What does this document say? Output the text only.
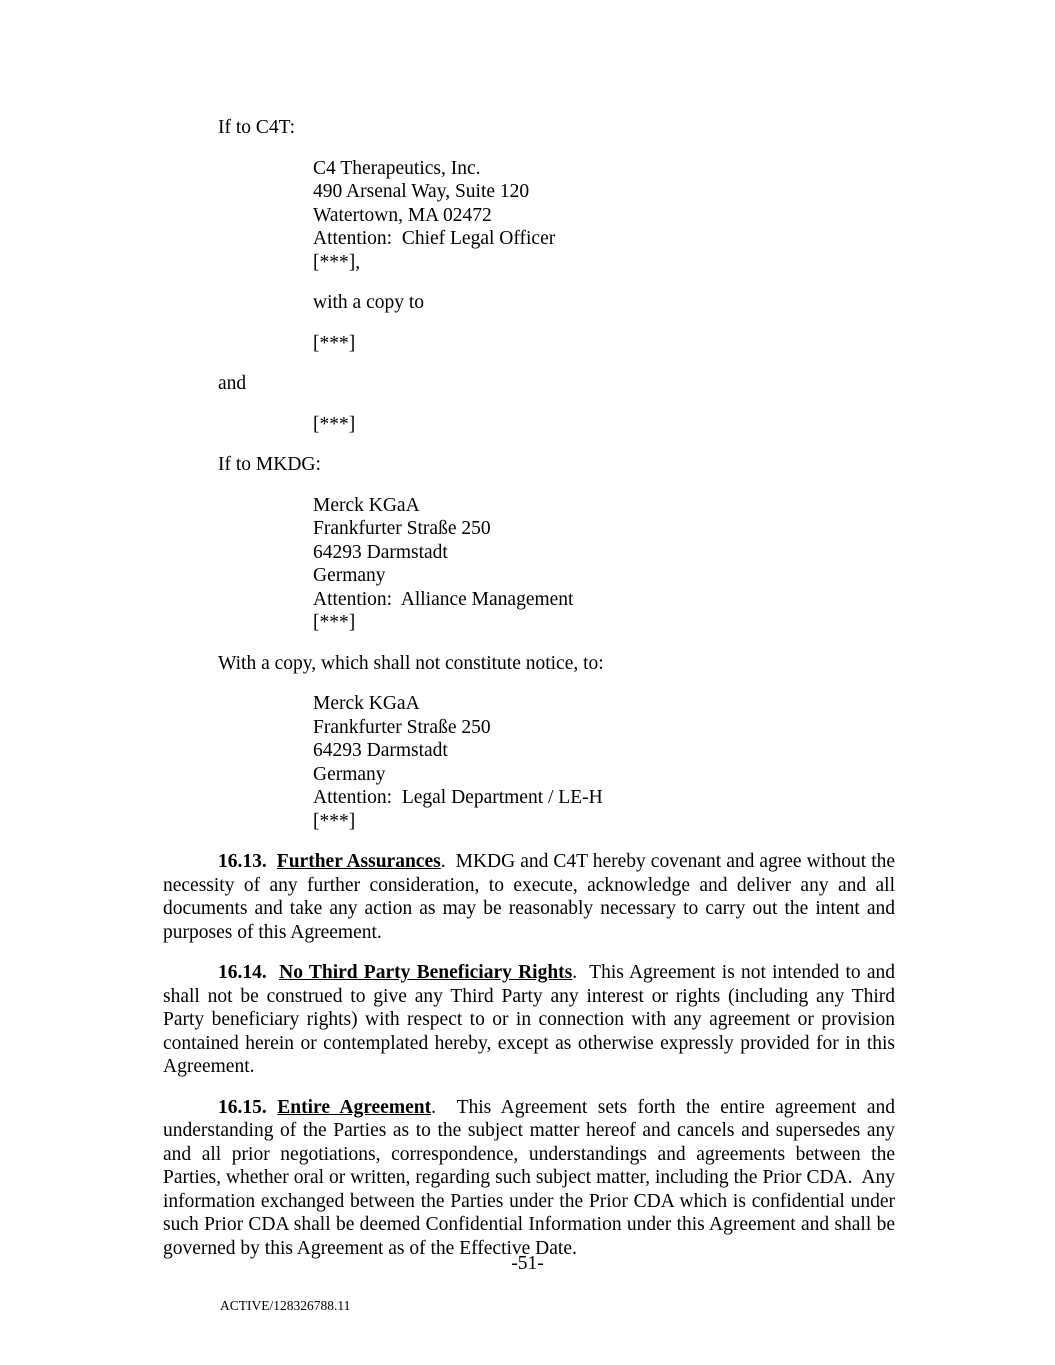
If to C4T:
C4 Therapeutics, Inc.
490 Arsenal Way, Suite 120
Watertown, MA 02472
Attention:  Chief Legal Officer
[***],
with a copy to
[***]
and
[***]
If to MKDG:
Merck KGaA
Frankfurter Straße 250
64293 Darmstadt
Germany
Attention:  Alliance Management
[***]
With a copy, which shall not constitute notice, to:
Merck KGaA
Frankfurter Straße 250
64293 Darmstadt
Germany
Attention:  Legal Department / LE-H
[***]

16.13.  Further Assurances.  MKDG and C4T hereby covenant and agree without the necessity of any further consideration, to execute, acknowledge and deliver any and all documents and take any action as may be reasonably necessary to carry out the intent and purposes of this Agreement.

16.14.  No Third Party Beneficiary Rights.  This Agreement is not intended to and shall not be construed to give any Third Party any interest or rights (including any Third Party beneficiary rights) with respect to or in connection with any agreement or provision contained herein or contemplated hereby, except as otherwise expressly provided for in this Agreement.

16.15. Entire Agreement.  This Agreement sets forth the entire agreement and understanding of the Parties as to the subject matter hereof and cancels and supersedes any and all prior negotiations, correspondence, understandings and agreements between the Parties, whether oral or written, regarding such subject matter, including the Prior CDA.  Any information exchanged between the Parties under the Prior CDA which is confidential under such Prior CDA shall be deemed Confidential Information under this Agreement and shall be governed by this Agreement as of the Effective Date.

-51-
ACTIVE/128326788.11
